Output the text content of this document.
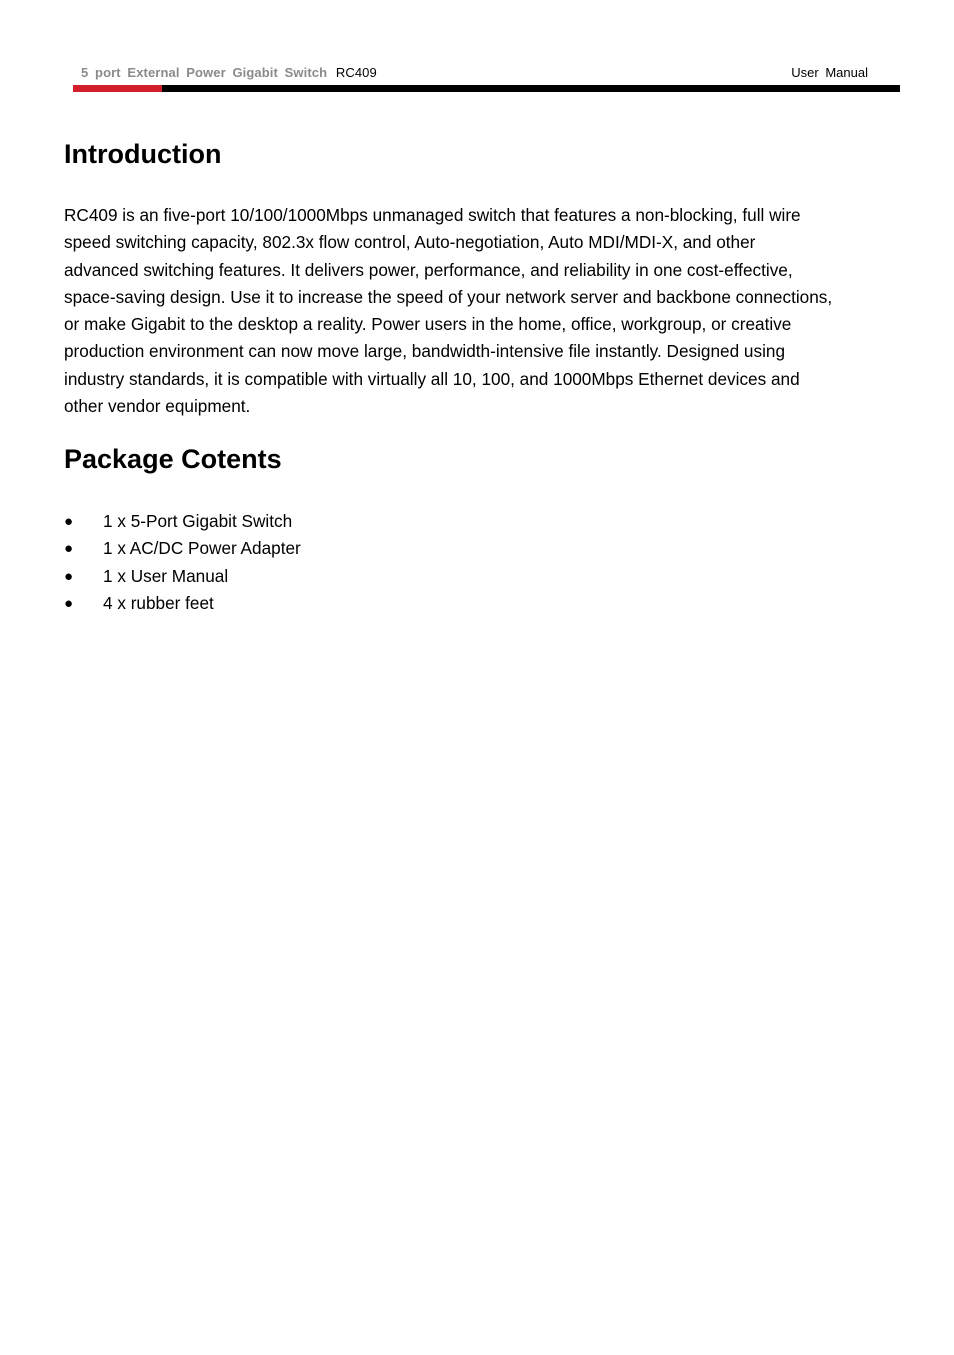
5 port External Power Gigabit Switch RC409	User Manual
Introduction

RC409 is an five-port 10/100/1000Mbps unmanaged switch that features a non-blocking, full wire
speed switching capacity, 802.3x flow control, Auto-negotiation, Auto MDI/MDI-X, and other
advanced switching features. It delivers power, performance, and reliability in one cost-effective,
space-saving design. Use it to increase the speed of your network server and backbone connections,
or make Gigabit to the desktop a reality. Power users in the home, office, workgroup, or creative
production environment can now move large, bandwidth-intensive file instantly. Designed using
industry standards, it is compatible with virtually all 10, 100, and 1000Mbps Ethernet devices and
other vendor equipment.

Package Cotents
● 1 x 5-Port Gigabit Switch
● 1 x AC/DC Power Adapter
● 1 x User Manual
● 4 x rubber feet
